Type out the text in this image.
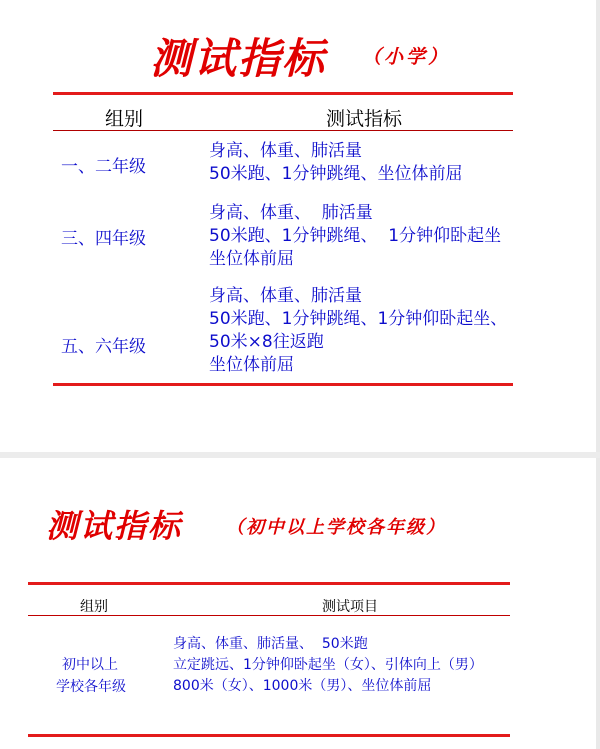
测试指标 （小学）
组别	测试指标
一、二年级
身高、体重、肺活量
50米跑、1分钟跳绳、坐位体前屈
三、四年级
身高、体重、  肺活量
50米跑、1分钟跳绳、  1分钟仰卧起坐
坐位体前屈
五、六年级
身高、体重、肺活量
50米跑、1分钟跳绳、1分钟仰卧起坐、
50米×8往返跑
坐位体前屈
测试指标 （初中以上学校各年级）
组别	测试项目
初中以上
学校各年级
身高、体重、肺活量、  50米跑
立定跳远、1分钟仰卧起坐（女）、引体向上（男）
800米（女）、1000米（男）、坐位体前屈
